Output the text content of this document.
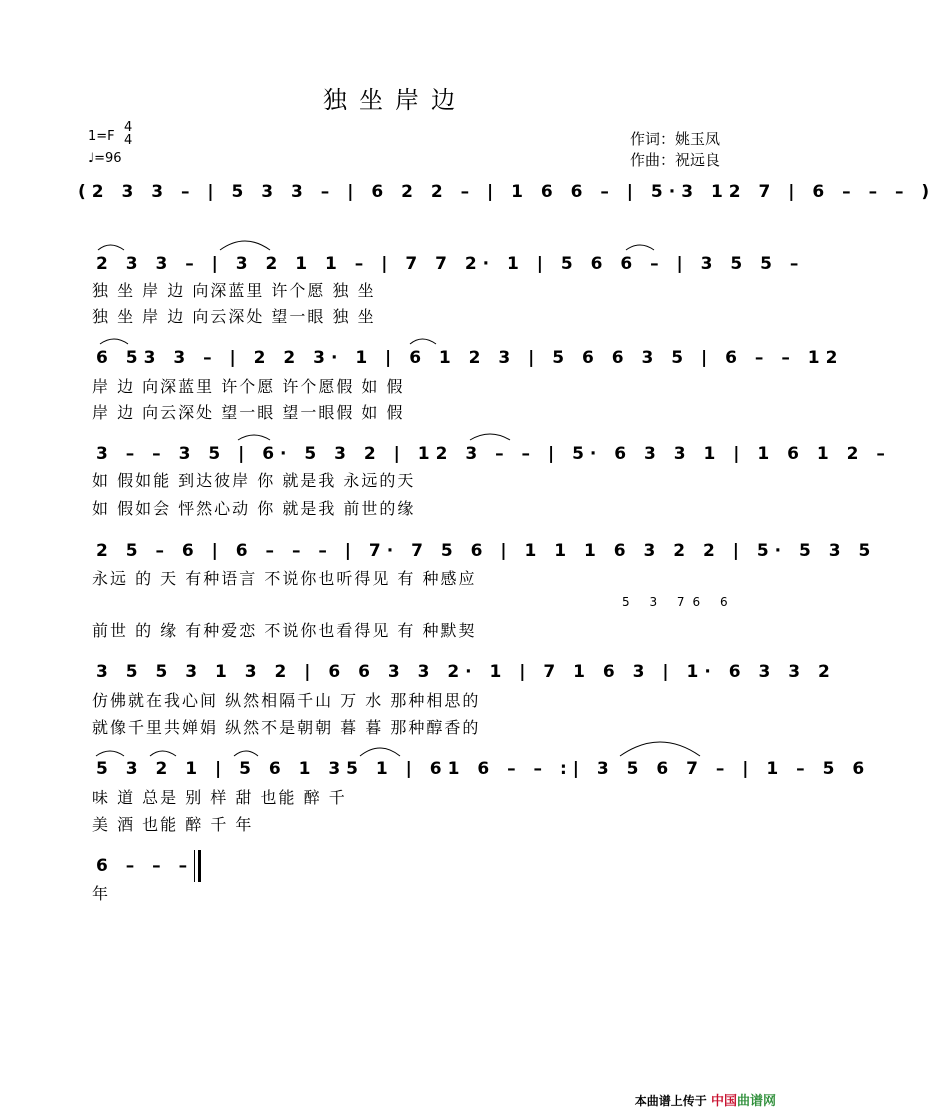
独坐岸边
1=F
4
4
♩=96
作词：姚玉凤
作曲：祝远良
(2 3 3 – | 5 3 3 – | 6 2 2 – | 1 6 6 – | 5·3 12 7 | 6 – – – )
2 3 3 – | 3 2 1 1 – | 7 7 2· 1 | 5 6 6 – | 3 5 5 –
独 坐 岸 边 向深蓝里 许个愿 独 坐
独 坐 岸 边 向云深处 望一眼 独 坐
6 53 3 – | 2 2 3· 1 | 6 1 2 3 | 5 6 6 3 5 | 6 – – 12
岸 边 向深蓝里 许个愿 许个愿假 如 假
岸 边 向云深处 望一眼 望一眼假 如 假
3 – – 3 5 | 6· 5 3 2 | 12 3 – – | 5· 6 3 3 1 | 1 6 1 2 –
如 假如能 到达彼岸 你 就是我 永远的天
如 假如会 怦然心动 你 就是我 前世的缘
2 5 – 6 | 6 – – – | 7· 7 5 6 | 1 1 1 6 3 2 2 | 5· 5 3 5
永远 的 天 有种语言 不说你也听得见 有 种感应
5 3 76 6
前世 的 缘 有种爱恋 不说你也看得见 有 种默契
3 5 5 3 1 3 2 | 6 6 3 3 2· 1 | 7 1 6 3 | 1· 6 3 3 2
仿佛就在我心间 纵然相隔千山 万 水 那种相思的
就像千里共婵娟 纵然不是朝朝 暮 暮 那种醇香的
5 3 2 1 | 5 6 1 35 1 | 61 6 – – :| 3 5 6 7 – | 1 – 5 6
味 道 总是 别 样 甜 也能 醉 千
美 酒 也能 醉 千 年
6 – – –
年
本曲谱上传于 中国曲谱网
